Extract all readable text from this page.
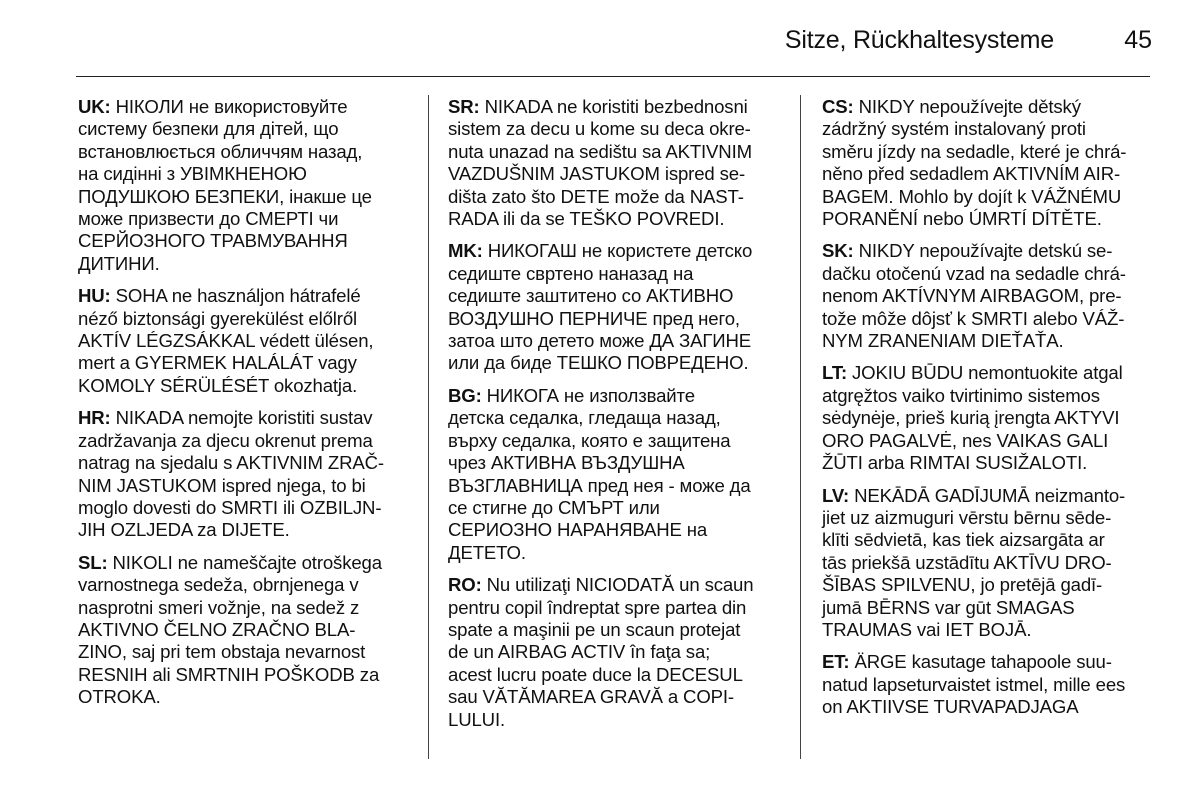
Sitze, Rückhaltesysteme	45

UK: НІКОЛИ не використовуйте
систему безпеки для дітей, що
встановлюється обличчям назад,
на сидінні з УВІМКНЕНОЮ
ПОДУШКОЮ БЕЗПЕКИ, інакше це
може призвести до СМЕРТІ чи
СЕРЙОЗНОГО ТРАВМУВАННЯ
ДИТИНИ.

HU: SOHA ne használjon hátrafelé
néző biztonsági gyerekülést előlről
AKTÍV LÉGZSÁKKAL védett ülésen,
mert a GYERMEK HALÁLÁT vagy
KOMOLY SÉRÜLÉSÉT okozhatja.

HR: NIKADA nemojte koristiti sustav
zadržavanja za djecu okrenut prema
natrag na sjedalu s AKTIVNIM ZRAČ-
NIM JASTUKOM ispred njega, to bi
moglo dovesti do SMRTI ili OZBILJN-
JIH OZLJEDA za DIJETE.

SL: NIKOLI ne nameščajte otroškega
varnostnega sedeža, obrnjenega v
nasprotni smeri vožnje, na sedež z
AKTIVNO ČELNO ZRAČNO BLA-
ZINO, saj pri tem obstaja nevarnost
RESNIH ali SMRTNIH POŠKODB za
OTROKA.

SR: NIKADA ne koristiti bezbednosni
sistem za decu u kome su deca okre-
nuta unazad na sedištu sa AKTIVNIM
VAZDUŠNIM JASTUKOM ispred se-
dišta zato što DETE može da NAST-
RADA ili da se TEŠKO POVREDI.

MK: НИКОГАШ не користете детско
седиште свртено наназад на
седиште заштитено со АКТИВНО
ВОЗДУШНО ПЕРНИЧЕ пред него,
затоа што детето може ДА ЗАГИНЕ
или да биде ТЕШКО ПОВРЕДЕНО.

BG: НИКОГА не използвайте
детска седалка, гледаща назад,
върху седалка, която е защитена
чрез АКТИВНА ВЪЗДУШНА
ВЪЗГЛАВНИЦА пред нея - може да
се стигне до СМЪРТ или
СЕРИОЗНО НАРАНЯВАНЕ на
ДЕТЕТО.

RO: Nu utilizaţi NICIODATĂ un scaun
pentru copil îndreptat spre partea din
spate a maşinii pe un scaun protejat
de un AIRBAG ACTIV în faţa sa;
acest lucru poate duce la DECESUL
sau VĂTĂMAREA GRAVĂ a COPI-
LULUI.

CS: NIKDY nepoužívejte dětský
zádržný systém instalovaný proti
směru jízdy na sedadle, které je chrá-
něno před sedadlem AKTIVNÍM AIR-
BAGEM. Mohlo by dojít k VÁŽNÉMU
PORANĚNÍ nebo ÚMRTÍ DÍTĚTE.

SK: NIKDY nepoužívajte detskú se-
dačku otočenú vzad na sedadle chrá-
nenom AKTÍVNYM AIRBAGOM, pre-
tože môže dôjsť k SMRTI alebo VÁŽ-
NYM ZRANENIAM DIEŤAŤA.

LT: JOKIU BŪDU nemontuokite atgal
atgręžtos vaiko tvirtinimo sistemos
sėdynėje, prieš kurią įrengta AKTYVI
ORO PAGALVĖ, nes VAIKAS GALI
ŽŪTI arba RIMTAI SUSIŽALOTI.

LV: NEKĀDĀ GADĪJUMĀ neizmanto-
jiet uz aizmuguri vērstu bērnu sēde-
klīti sēdvietā, kas tiek aizsargāta ar
tās priekšā uzstādītu AKTĪVU DRO-
ŠĪBAS SPILVENU, jo pretējā gadī-
jumā BĒRNS var gūt SMAGAS
TRAUMAS vai IET BOJĀ.

ET: ÄRGE kasutage tahapoole suu-
natud lapseturvaistet istmel, mille ees
on AKTIIVSE TURVAPADJAGA
